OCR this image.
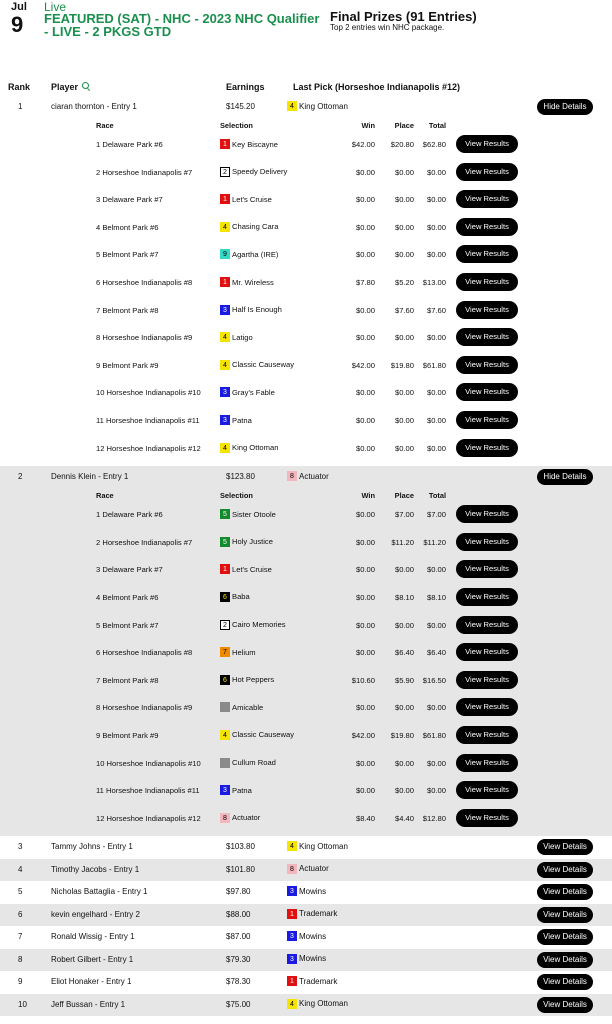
Jul
9
Live
FEATURED (SAT) - NHC - 2023 NHC Qualifier - LIVE - 2 PKGS GTD
Final Prizes (91 Entries)
Top 2 entries win NHC package.
Rank Player	Earnings	Last Pick (Horseshoe Indianapolis #12)
1	ciaran thornton - Entry 1	$145.20	4 King Ottoman	Hide Details
Race	Selection	Win	Place	Total
1 Delaware Park #6	1 Key Biscayne	$42.00	$20.80	$62.80	View Results
2 Horseshoe Indianapolis #7	2 Speedy Delivery	$0.00	$0.00	$0.00	View Results
3 Delaware Park #7	1 Let's Cruise	$0.00	$0.00	$0.00	View Results
4 Belmont Park #6	4 Chasing Cara	$0.00	$0.00	$0.00	View Results
5 Belmont Park #7	9 Agartha (IRE)	$0.00	$0.00	$0.00	View Results
6 Horseshoe Indianapolis #8	1 Mr. Wireless	$7.80	$5.20	$13.00	View Results
7 Belmont Park #8	3 Half Is Enough	$0.00	$7.60	$7.60	View Results
8 Horseshoe Indianapolis #9	4 Latigo	$0.00	$0.00	$0.00	View Results
9 Belmont Park #9	4 Classic Causeway	$42.00	$19.80	$61.80	View Results
10 Horseshoe Indianapolis #10	3 Gray's Fable	$0.00	$0.00	$0.00	View Results
11 Horseshoe Indianapolis #11	3 Patna	$0.00	$0.00	$0.00	View Results
12 Horseshoe Indianapolis #12	4 King Ottoman	$0.00	$0.00	$0.00	View Results
2	Dennis Klein - Entry 1	$123.80	8 Actuator	Hide Details
Race	Selection	Win	Place	Total
1 Delaware Park #6	5 Sister Otoole	$0.00	$7.00	$7.00	View Results
2 Horseshoe Indianapolis #7	5 Holy Justice	$0.00	$11.20	$11.20	View Results
3 Delaware Park #7	1 Let's Cruise	$0.00	$0.00	$0.00	View Results
4 Belmont Park #6	6 Baba	$0.00	$8.10	$8.10	View Results
5 Belmont Park #7	2 Cairo Memories	$0.00	$0.00	$0.00	View Results
6 Horseshoe Indianapolis #8	7 Helium	$0.00	$6.40	$6.40	View Results
7 Belmont Park #8	6 Hot Peppers	$10.60	$5.90	$16.50	View Results
8 Horseshoe Indianapolis #9	Amicable	$0.00	$0.00	$0.00	View Results
9 Belmont Park #9	4 Classic Causeway	$42.00	$19.80	$61.80	View Results
10 Horseshoe Indianapolis #10	Cullum Road	$0.00	$0.00	$0.00	View Results
11 Horseshoe Indianapolis #11	3 Patna	$0.00	$0.00	$0.00	View Results
12 Horseshoe Indianapolis #12	8 Actuator	$8.40	$4.40	$12.80	View Results
3	Tammy Johns - Entry 1	$103.80	4 King Ottoman	View Details
4	Timothy Jacobs - Entry 1	$101.80	8 Actuator	View Details
5	Nicholas Battaglia - Entry 1	$97.80	3 Mowins	View Details
6	kevin engelhard - Entry 2	$88.00	1 Trademark	View Details
7	Ronald Wissig - Entry 1	$87.00	3 Mowins	View Details
8	Robert Gilbert - Entry 1	$79.30	3 Mowins	View Details
9	Eliot Honaker - Entry 1	$78.30	1 Trademark	View Details
10	Jeff Bussan - Entry 1	$75.00	4 King Ottoman	View Details
